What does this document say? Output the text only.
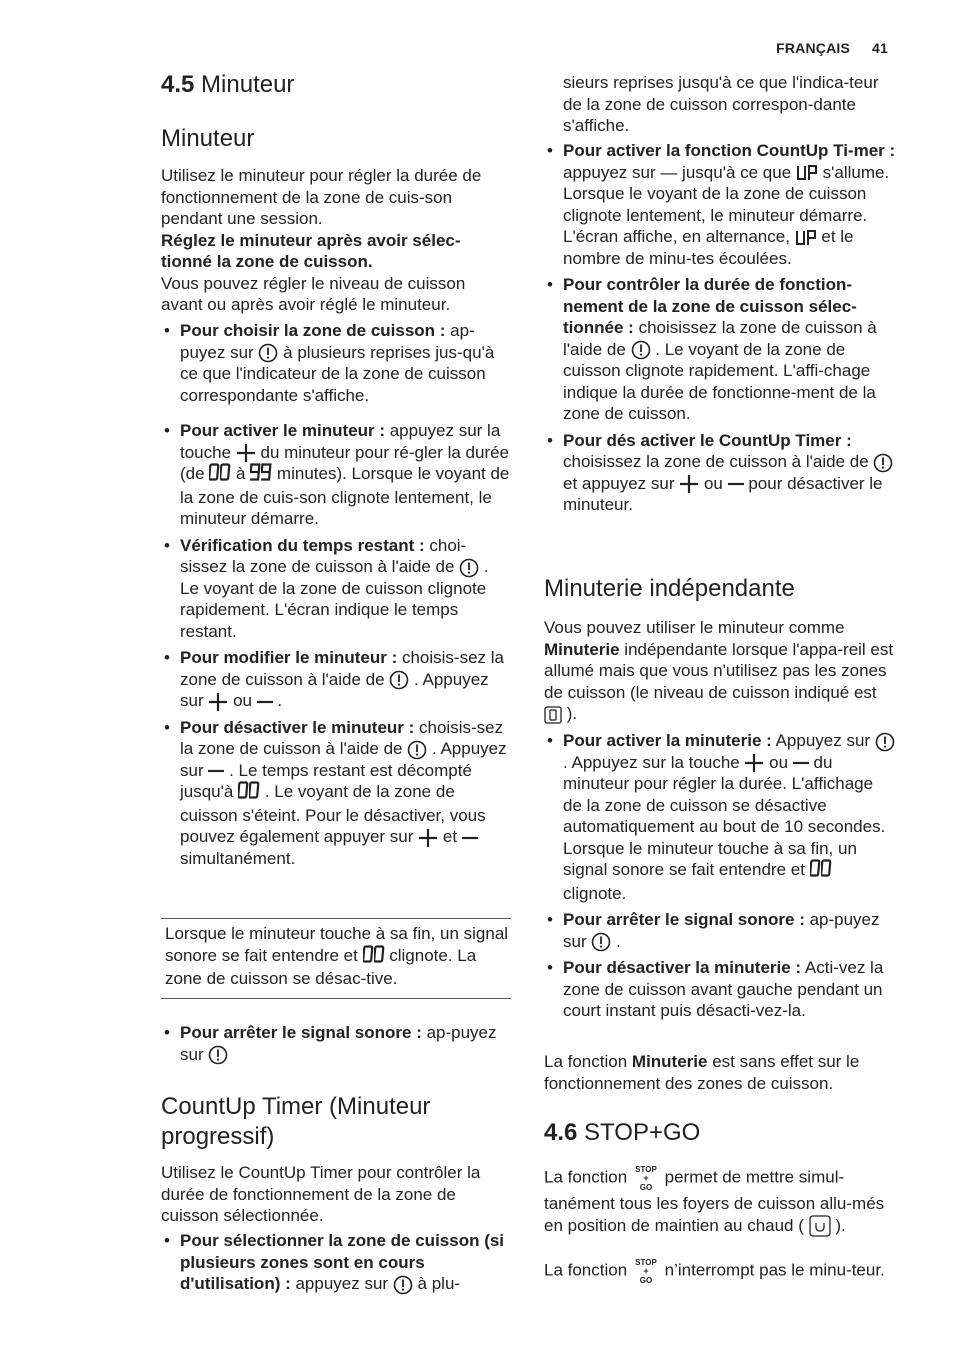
FRANÇAIS 41
4.5 Minuteur
Minuteur

Utilisez le minuteur pour régler la durée de fonctionnement de la zone de cuis-son pendant une session.

Réglez le minuteur après avoir sélec-tionné la zone de cuisson.

Vous pouvez régler le niveau de cuisson avant ou après avoir réglé le minuteur.

• Pour choisir la zone de cuisson : ap-puyez sur  à plusieurs reprises jus-qu'à ce que l'indicateur de la zone de cuisson correspondante s'affiche.
• Pour activer le minuteur : appuyez sur la touche  du minuteur pour ré-gler la durée (de  à  minutes). Lorsque le voyant de la zone de cuis-son clignote lentement, le minuteur démarre.
• Vérification du temps restant : choi-sissez la zone de cuisson à l'aide de  . Le voyant de la zone de cuisson clignote rapidement. L'écran indique le temps restant.
• Pour modifier le minuteur : choisis-sez la zone de cuisson à l'aide de  . Appuyez sur  ou  .
• Pour désactiver le minuteur : choisis-sez la zone de cuisson à l'aide de  . Appuyez sur  . Le temps restant est décompté jusqu'à  . Le voyant de la zone de cuisson s'éteint. Pour le désactiver, vous pouvez également appuyer sur  et  simultanément.
Lorsque le minuteur touche à sa fin, un signal sonore se fait entendre et  clignote. La zone de cuisson se désac-tive.
• Pour arrêter le signal sonore : ap-puyez sur
CountUp Timer (Minuteur progressif)

Utilisez le CountUp Timer pour contrôler la durée de fonctionnement de la zone de cuisson sélectionnée.

• Pour sélectionner la zone de cuisson (si plusieurs zones sont en cours d'utilisation) : appuyez sur  à plu-

sieurs reprises jusqu'à ce que l'indica-teur de la zone de cuisson correspon-dante s'affiche.

• Pour activer la fonction CountUp Ti-mer : appuyez sur — jusqu'à ce que  s'allume. Lorsque le voyant de la zone de cuisson clignote lentement, le minuteur démarre. L'écran affiche, en alternance,  et le nombre de minu-tes écoulées.
• Pour contrôler la durée de fonction-nement de la zone de cuisson sélec-tionnée : choisissez la zone de cuisson à l'aide de  . Le voyant de la zone de cuisson clignote rapidement. L'affi-chage indique la durée de fonctionne-ment de la zone de cuisson.
• Pour dés activer le CountUp Timer : choisissez la zone de cuisson à l'aide de  et appuyez sur  ou  pour désactiver le minuteur.
Minuterie indépendante

Vous pouvez utiliser le minuteur comme Minuterie indépendante lorsque l'appa-reil est allumé mais que vous n'utilisez pas les zones de cuisson (le niveau de cuisson indiqué est  ).

• Pour activer la minuterie : Appuyez sur  . Appuyez sur la touche  ou  du minuteur pour régler la durée. L'affichage de la zone de cuisson se désactive automatiquement au bout de 10 secondes. Lorsque le minuteur touche à sa fin, un signal sonore se fait entendre et  clignote.
• Pour arrêter le signal sonore : ap-puyez sur  .
• Pour désactiver la minuterie : Acti-vez la zone de cuisson avant gauche pendant un court instant puis désacti-vez-la.

La fonction Minuterie est sans effet sur le fonctionnement des zones de cuisson.

4.6 STOP+GO

La fonction STOP
+
GO
permet de mettre simul-tanément tous les foyers de cuisson allu-més en position de maintien au chaud (  ).

La fonction STOP
+
GO
n’interrompt pas le minu-teur.
